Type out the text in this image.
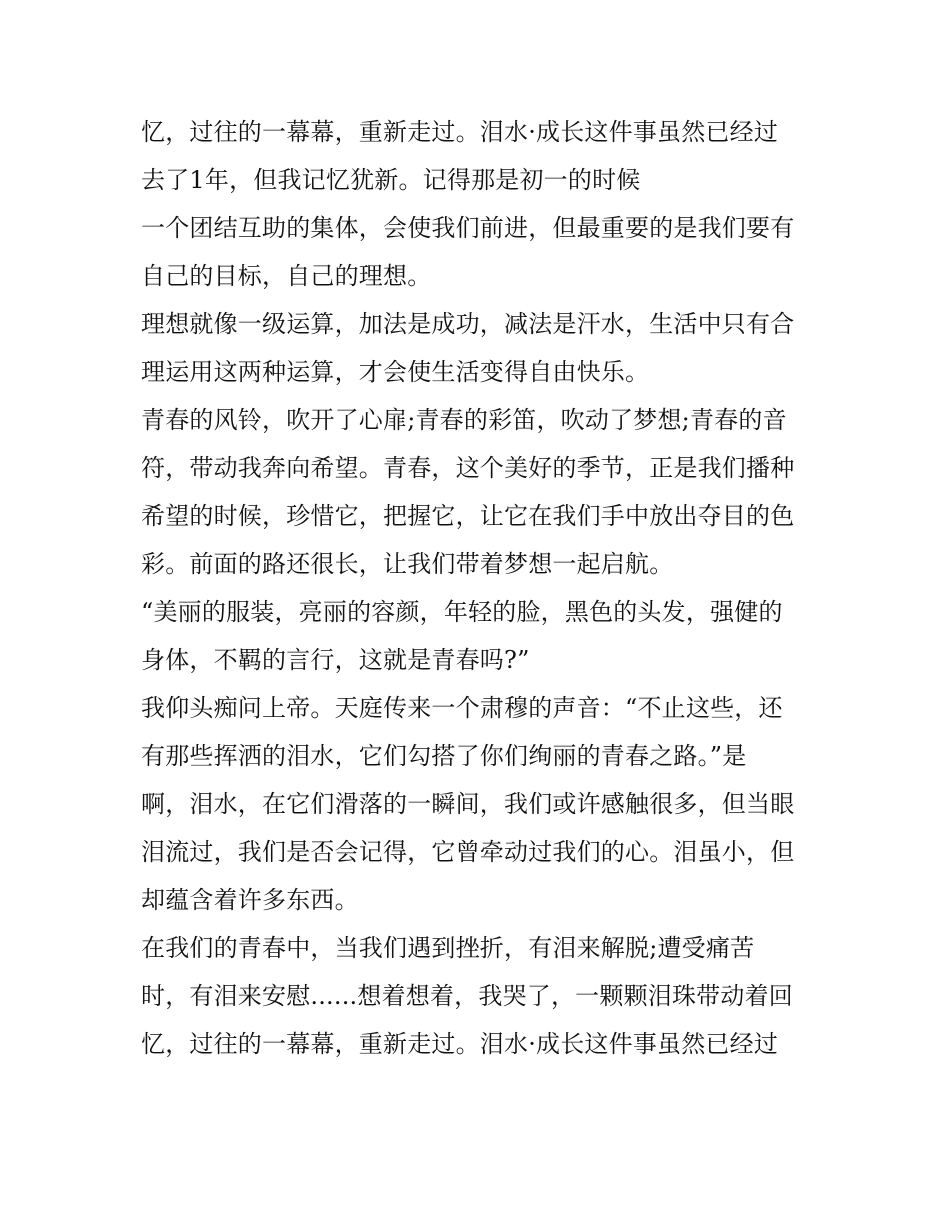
忆，过往的一幕幕，重新走过。泪水·成长这件事虽然已经过
去了1年，但我记忆犹新。记得那是初一的时候
一个团结互助的集体，会使我们前进，但最重要的是我们要有
自己的目标，自己的理想。
理想就像一级运算，加法是成功，减法是汗水，生活中只有合
理运用这两种运算，才会使生活变得自由快乐。
青春的风铃，吹开了心扉;青春的彩笛，吹动了梦想;青春的音
符，带动我奔向希望。青春，这个美好的季节，正是我们播种
希望的时候，珍惜它，把握它，让它在我们手中放出夺目的色
彩。前面的路还很长，让我们带着梦想一起启航。
“美丽的服装，亮丽的容颜，年轻的脸，黑色的头发，强健的
身体，不羁的言行，这就是青春吗?”
我仰头痴问上帝。天庭传来一个肃穆的声音：“不止这些，还
有那些挥洒的泪水，它们勾搭了你们绚丽的青春之路。”是
啊，泪水，在它们滑落的一瞬间，我们或许感触很多，但当眼
泪流过，我们是否会记得，它曾牵动过我们的心。泪虽小，但
却蕴含着许多东西。
在我们的青春中，当我们遇到挫折，有泪来解脱;遭受痛苦
时，有泪来安慰......想着想着，我哭了，一颗颗泪珠带动着回
忆，过往的一幕幕，重新走过。泪水·成长这件事虽然已经过
